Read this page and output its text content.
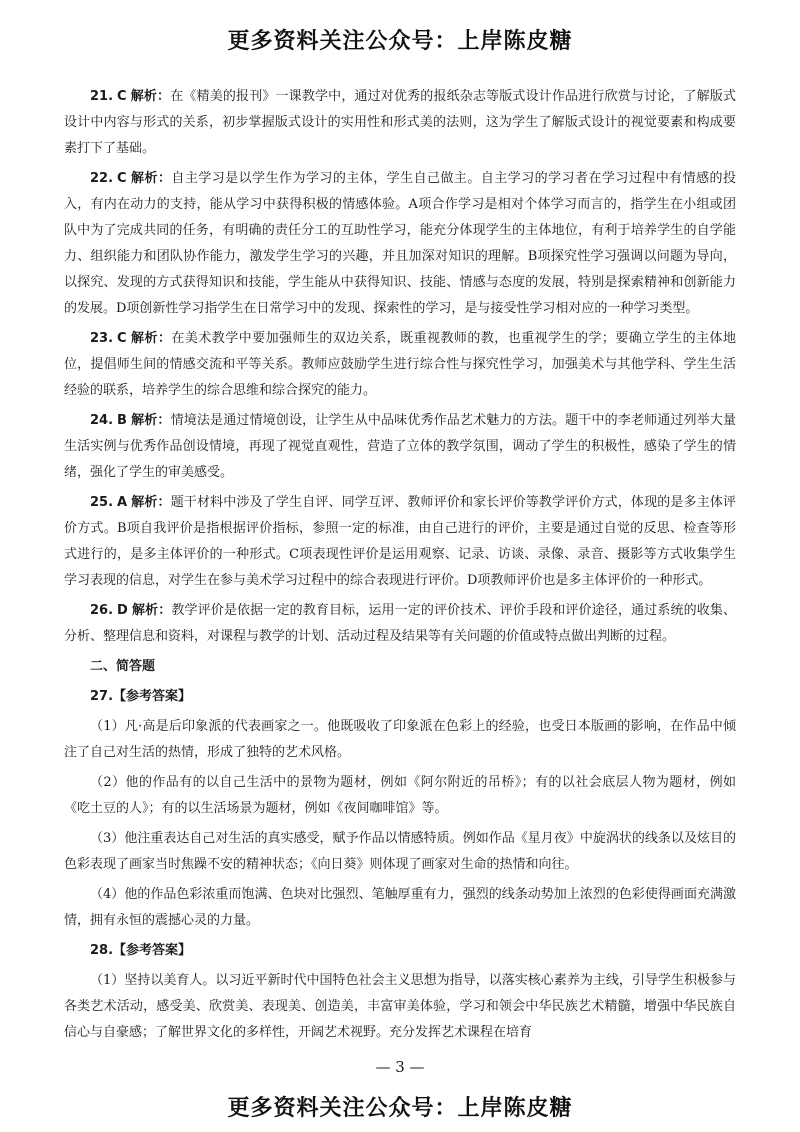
更多资料关注公众号：上岸陈皮糖

21. C 解析：在《精美的报刊》一课教学中，通过对优秀的报纸杂志等版式设计作品进行欣赏与讨论，了解版式设计中内容与形式的关系，初步掌握版式设计的实用性和形式美的法则，这为学生了解版式设计的视觉要素和构成要素打下了基础。

22. C 解析：自主学习是以学生作为学习的主体，学生自己做主。自主学习的学习者在学习过程中有情感的投入，有内在动力的支持，能从学习中获得积极的情感体验。A项合作学习是相对个体学习而言的，指学生在小组或团队中为了完成共同的任务，有明确的责任分工的互助性学习，能充分体现学生的主体地位，有利于培养学生的自学能力、组织能力和团队协作能力，激发学生学习的兴趣，并且加深对知识的理解。B项探究性学习强调以问题为导向，以探究、发现的方式获得知识和技能，学生能从中获得知识、技能、情感与态度的发展，特别是探索精神和创新能力的发展。D项创新性学习指学生在日常学习中的发现、探索性的学习，是与接受性学习相对应的一种学习类型。

23. C 解析：在美术教学中要加强师生的双边关系，既重视教师的教，也重视学生的学；要确立学生的主体地位，提倡师生间的情感交流和平等关系。教师应鼓励学生进行综合性与探究性学习，加强美术与其他学科、学生生活经验的联系，培养学生的综合思维和综合探究的能力。

24. B 解析：情境法是通过情境创设，让学生从中品味优秀作品艺术魅力的方法。题干中的李老师通过列举大量生活实例与优秀作品创设情境，再现了视觉直观性，营造了立体的教学氛围，调动了学生的积极性，感染了学生的情绪，强化了学生的审美感受。

25. A 解析：题干材料中涉及了学生自评、同学互评、教师评价和家长评价等教学评价方式，体现的是多主体评价方式。B项自我评价是指根据评价指标，参照一定的标准，由自己进行的评价，主要是通过自觉的反思、检查等形式进行的，是多主体评价的一种形式。C项表现性评价是运用观察、记录、访谈、录像、录音、摄影等方式收集学生学习表现的信息，对学生在参与美术学习过程中的综合表现进行评价。D项教师评价也是多主体评价的一种形式。

26. D 解析：教学评价是依据一定的教育目标，运用一定的评价技术、评价手段和评价途径，通过系统的收集、分析、整理信息和资料，对课程与教学的计划、活动过程及结果等有关问题的价值或特点做出判断的过程。

二、简答题

27.【参考答案】

（1）凡·高是后印象派的代表画家之一。他既吸收了印象派在色彩上的经验，也受日本版画的影响，在作品中倾注了自己对生活的热情，形成了独特的艺术风格。

（2）他的作品有的以自己生活中的景物为题材，例如《阿尔附近的吊桥》；有的以社会底层人物为题材，例如《吃土豆的人》；有的以生活场景为题材，例如《夜间咖啡馆》等。

（3）他注重表达自己对生活的真实感受，赋予作品以情感特质。例如作品《星月夜》中旋涡状的线条以及炫目的色彩表现了画家当时焦躁不安的精神状态；《向日葵》则体现了画家对生命的热情和向往。

（4）他的作品色彩浓重而饱满、色块对比强烈、笔触厚重有力，强烈的线条动势加上浓烈的色彩使得画面充满激情，拥有永恒的震撼心灵的力量。

28.【参考答案】

（1）坚持以美育人。以习近平新时代中国特色社会主义思想为指导，以落实核心素养为主线，引导学生积极参与各类艺术活动，感受美、欣赏美、表现美、创造美，丰富审美体验，学习和领会中华民族艺术精髓，增强中华民族自信心与自豪感；了解世界文化的多样性，开阔艺术视野。充分发挥艺术课程在培育

— 3 —
更多资料关注公众号：上岸陈皮糖
